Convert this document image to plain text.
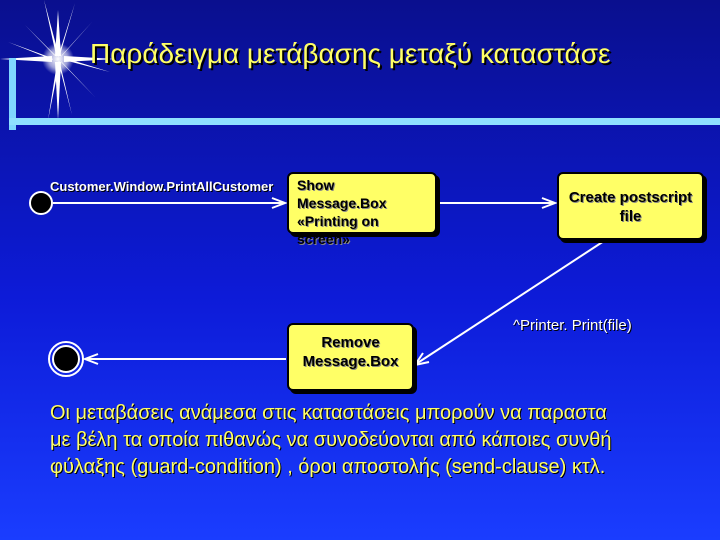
Παράδειγμα μετάβασης μεταξύ καταστάσε
Customer.Window.PrintAllCustomer Show Message.Box
«Printing on
screen»
Create postscript
file
^Printer. Print(file)
Remove
Message.Box
Οι μεταβάσεις ανάμεσα στις καταστάσεις μπορούν να παραστα
με βέλη τα οποία πιθανώς να συνοδεύονται από κάποιες συνθή
φύλαξης (guard-condition) , όροι αποστολής (send-clause) κτλ.
